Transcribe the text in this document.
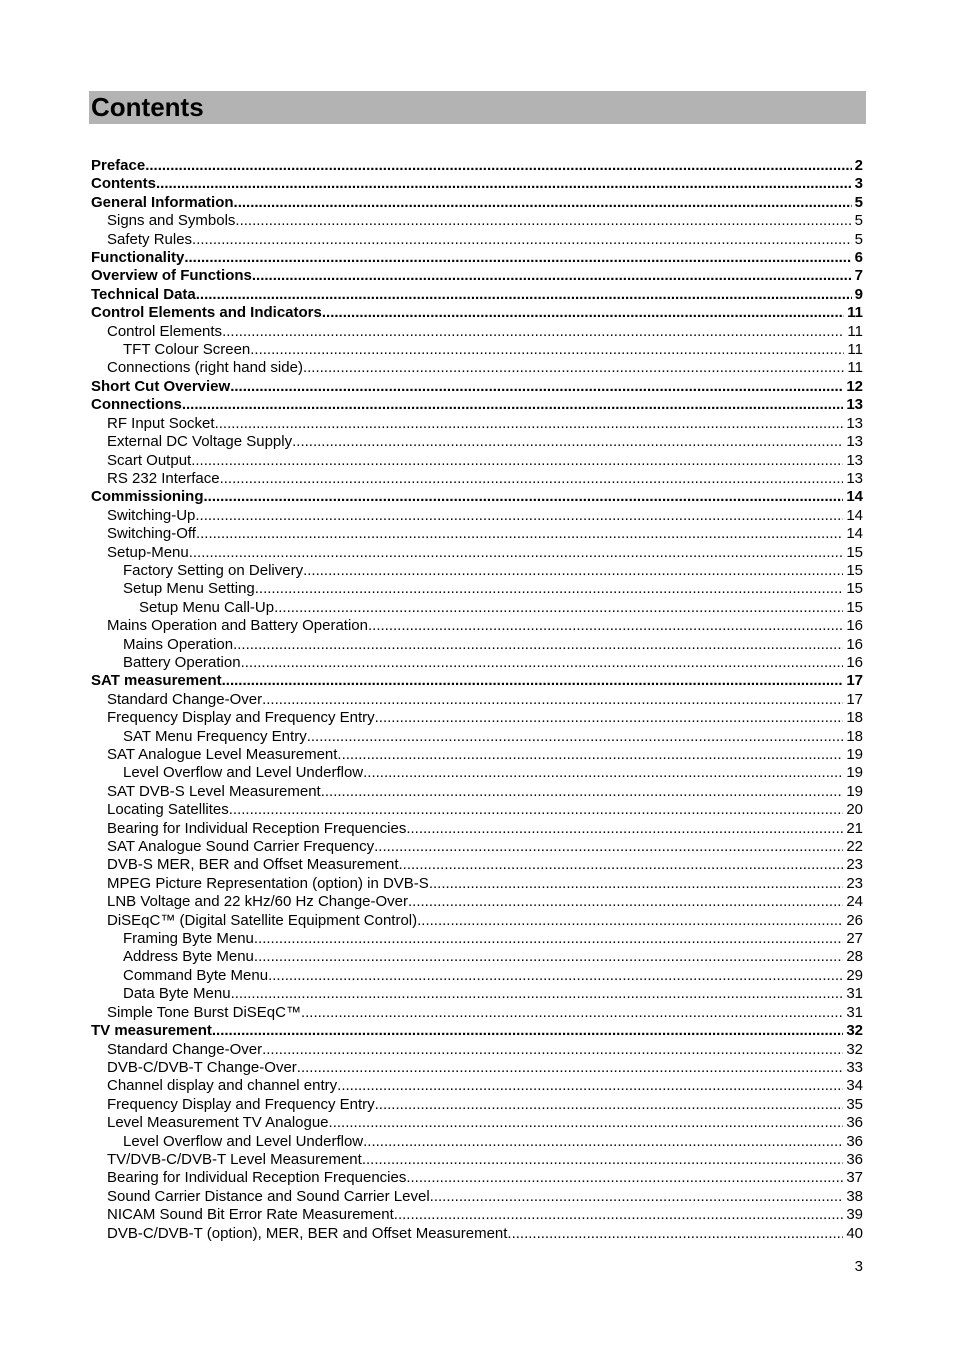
Contents
Preface .....	2
Contents .....	3
General Information .....	5
Signs and Symbols .....	5
Safety Rules .....	5
Functionality .....	6
Overview of Functions .....	7
Technical Data .....	9
Control Elements and Indicators .....	11
Control Elements .....	11
TFT Colour Screen .....	11
Connections (right hand side) .....	11
Short Cut Overview .....	12
Connections .....	13
RF Input Socket .....	13
External DC Voltage Supply .....	13
Scart Output .....	13
RS 232 Interface .....	13
Commissioning .....	14
Switching-Up .....	14
Switching-Off .....	14
Setup-Menu .....	15
Factory Setting on Delivery .....	15
Setup Menu Setting .....	15
Setup Menu Call-Up .....	15
Mains Operation and Battery Operation .....	16
Mains Operation .....	16
Battery Operation .....	16
SAT measurement .....	17
Standard Change-Over .....	17
Frequency Display and Frequency Entry .....	18
SAT Menu Frequency Entry .....	18
SAT Analogue Level Measurement .....	19
Level Overflow and Level Underflow .....	19
SAT DVB-S Level Measurement .....	19
Locating Satellites .....	20
Bearing for Individual Reception Frequencies .....	21
SAT Analogue Sound Carrier Frequency .....	22
DVB-S MER, BER and Offset Measurement .....	23
MPEG Picture Representation (option) in DVB-S .....	23
LNB Voltage and 22 kHz/60 Hz Change-Over .....	24
DiSEqC™ (Digital Satellite Equipment Control) .....	26
Framing Byte Menu .....	27
Address Byte Menu .....	28
Command Byte Menu .....	29
Data Byte Menu .....	31
Simple Tone Burst DiSEqC™ .....	31
TV measurement .....	32
Standard Change-Over .....	32
DVB-C/DVB-T Change-Over .....	33
Channel display and channel entry .....	34
Frequency Display and Frequency Entry .....	35
Level Measurement TV Analogue .....	36
Level Overflow and Level Underflow .....	36
TV/DVB-C/DVB-T Level Measurement .....	36
Bearing for Individual Reception Frequencies .....	37
Sound Carrier Distance and Sound Carrier Level .....	38
NICAM Sound Bit Error Rate Measurement .....	39
DVB-C/DVB-T (option), MER, BER and Offset Measurement .....	40
3
